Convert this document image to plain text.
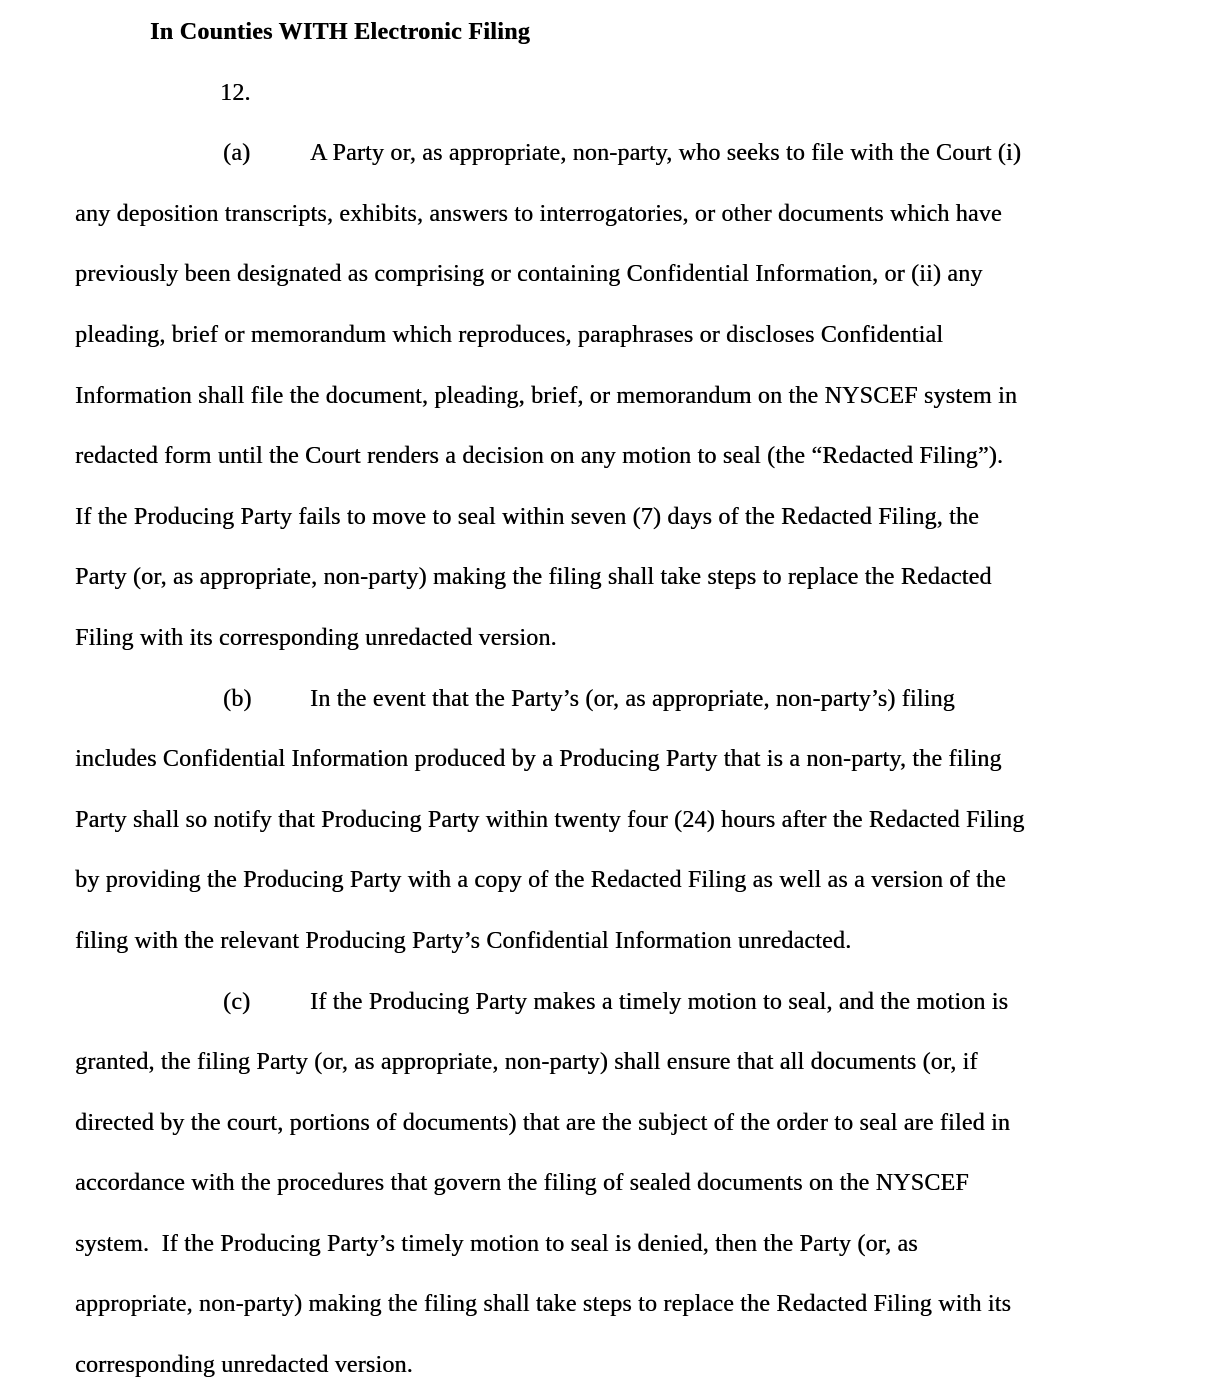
In Counties WITH Electronic Filing
12.
(a) A Party or, as appropriate, non-party, who seeks to file with the Court (i)
any deposition transcripts, exhibits, answers to interrogatories, or other documents which have
previously been designated as comprising or containing Confidential Information, or (ii) any
pleading, brief or memorandum which reproduces, paraphrases or discloses Confidential
Information shall file the document, pleading, brief, or memorandum on the NYSCEF system in
redacted form until the Court renders a decision on any motion to seal (the “Redacted Filing”).
If the Producing Party fails to move to seal within seven (7) days of the Redacted Filing, the
Party (or, as appropriate, non-party) making the filing shall take steps to replace the Redacted
Filing with its corresponding unredacted version.
(b) In the event that the Party’s (or, as appropriate, non-party’s) filing
includes Confidential Information produced by a Producing Party that is a non-party, the filing
Party shall so notify that Producing Party within twenty four (24) hours after the Redacted Filing
by providing the Producing Party with a copy of the Redacted Filing as well as a version of the
filing with the relevant Producing Party’s Confidential Information unredacted.
(c) If the Producing Party makes a timely motion to seal, and the motion is
granted, the filing Party (or, as appropriate, non-party) shall ensure that all documents (or, if
directed by the court, portions of documents) that are the subject of the order to seal are filed in
accordance with the procedures that govern the filing of sealed documents on the NYSCEF
system.  If the Producing Party’s timely motion to seal is denied, then the Party (or, as
appropriate, non-party) making the filing shall take steps to replace the Redacted Filing with its
corresponding unredacted version.
